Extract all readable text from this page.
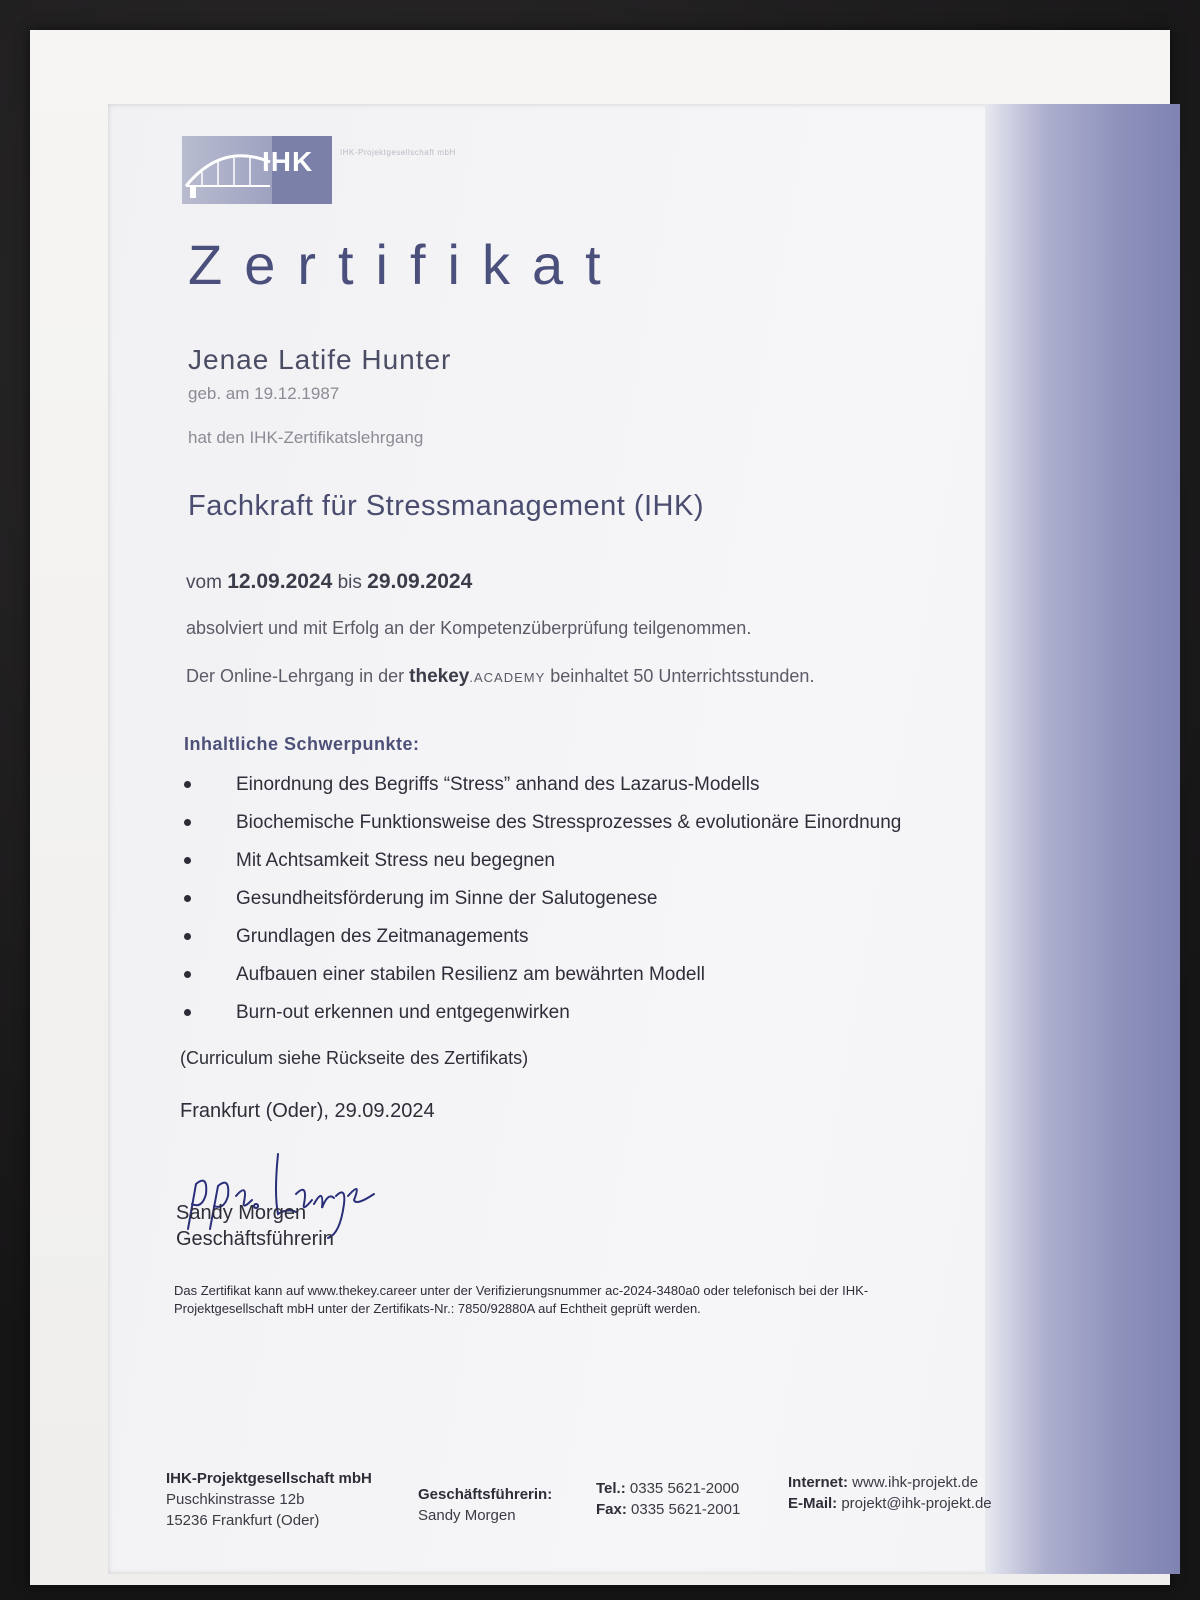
IHK	IHK-Projektgesellschaft mbH
Zertifikat
Jenae Latife Hunter
geb. am 19.12.1987
hat den IHK-Zertifikatslehrgang
Fachkraft für Stressmanagement (IHK)
vom 12.09.2024 bis 29.09.2024
absolviert und mit Erfolg an der Kompetenzüberprüfung teilgenommen.
Der Online-Lehrgang in der thekey.ACADEMY beinhaltet 50 Unterrichtsstunden.
Inhaltliche Schwerpunkte:
Einordnung des Begriffs “Stress” anhand des Lazarus-Modells
Biochemische Funktionsweise des Stressprozesses & evolutionäre Einordnung
Mit Achtsamkeit Stress neu begegnen
Gesundheitsförderung im Sinne der Salutogenese
Grundlagen des Zeitmanagements
Aufbauen einer stabilen Resilienz am bewährten Modell
Burn-out erkennen und entgegenwirken
(Curriculum siehe Rückseite des Zertifikats)
Frankfurt (Oder), 29.09.2024
Sandy Morgen
Geschäftsführerin
Das Zertifikat kann auf www.thekey.career unter der Verifizierungsnummer ac-2024-3480a0 oder telefonisch bei der IHK-
Projektgesellschaft mbH unter der Zertifikats-Nr.: 7850/92880A auf Echtheit geprüft werden.
IHK-Projektgesellschaft mbH
Puschkinstrasse 12b
15236 Frankfurt (Oder)
Geschäftsführerin:
Sandy Morgen
Tel.: 0335 5621-2000
Fax: 0335 5621-2001
Internet: www.ihk-projekt.de
E-Mail: projekt@ihk-projekt.de
